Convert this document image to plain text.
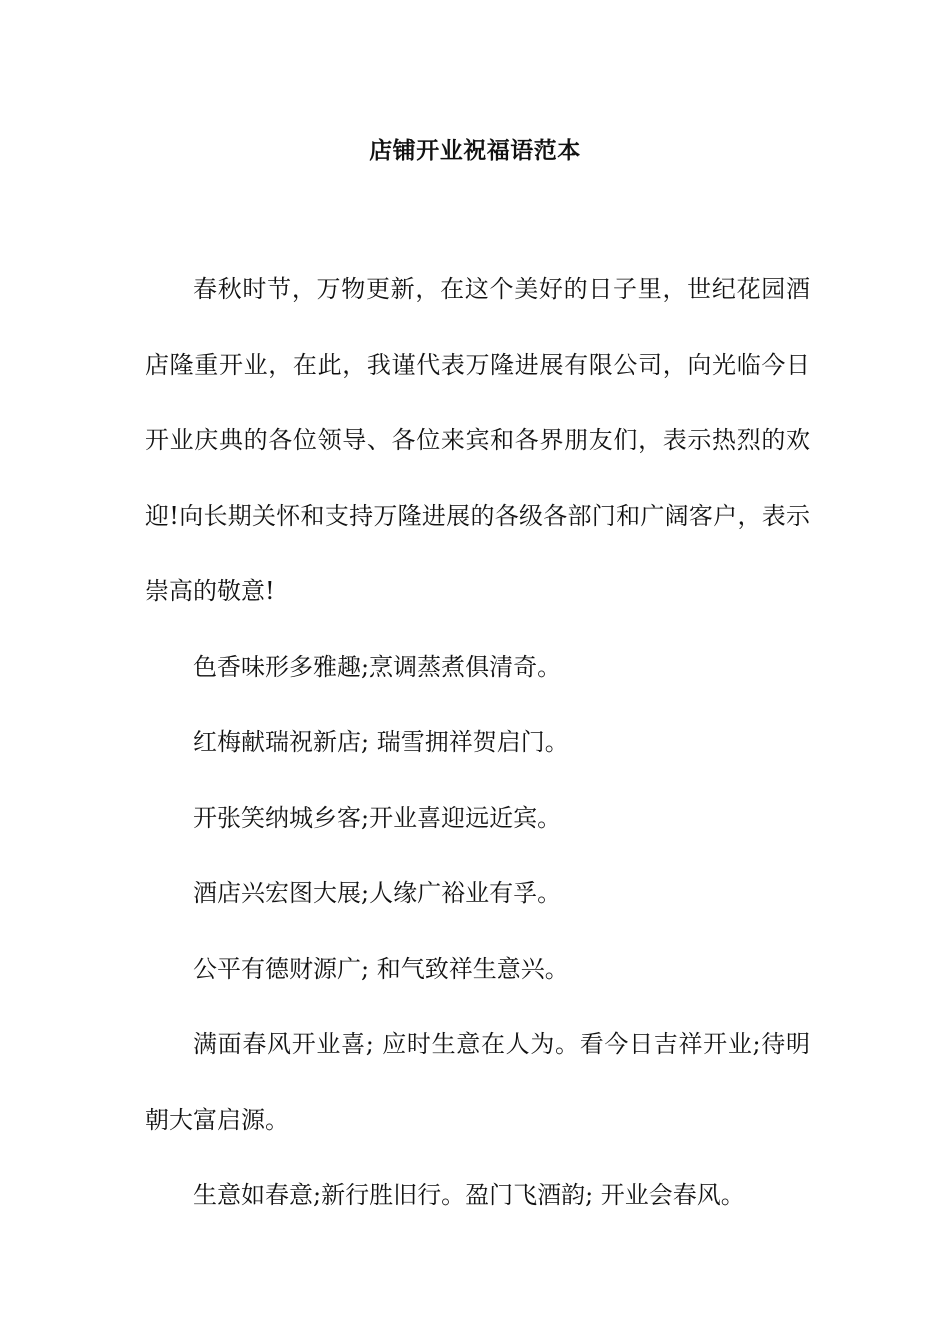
店铺开业祝福语范本

春秋时节，万物更新，在这个美好的日子里，世纪花园酒店隆重开业，在此，我谨代表万隆进展有限公司，向光临今日开业庆典的各位领导、各位来宾和各界朋友们，表示热烈的欢迎!向长期关怀和支持万隆进展的各级各部门和广阔客户，表示崇高的敬意!

色香味形多雅趣;烹调蒸煮俱清奇。

红梅献瑞祝新店; 瑞雪拥祥贺启门。

开张笑纳城乡客;开业喜迎远近宾。

酒店兴宏图大展;人缘广裕业有孚。

公平有德财源广; 和气致祥生意兴。

满面春风开业喜; 应时生意在人为。看今日吉祥开业;待明朝大富启源。

生意如春意;新行胜旧行。盈门飞酒韵; 开业会春风。
